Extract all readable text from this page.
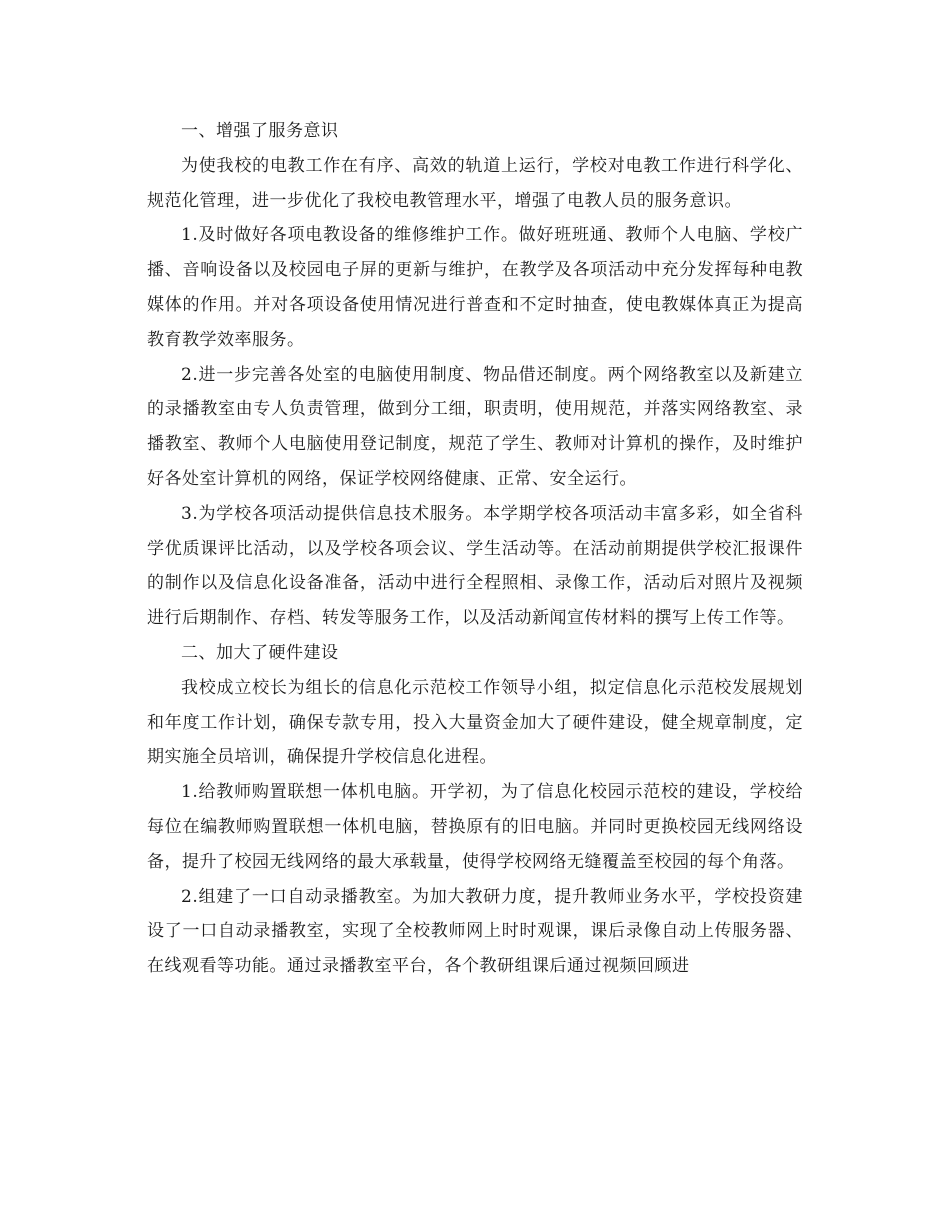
一、增强了服务意识

为使我校的电教工作在有序、高效的轨道上运行，学校对电教工作进行科学化、规范化管理，进一步优化了我校电教管理水平，增强了电教人员的服务意识。

1.及时做好各项电教设备的维修维护工作。做好班班通、教师个人电脑、学校广播、音响设备以及校园电子屏的更新与维护，在教学及各项活动中充分发挥每种电教媒体的作用。并对各项设备使用情况进行普查和不定时抽查，使电教媒体真正为提高教育教学效率服务。

2.进一步完善各处室的电脑使用制度、物品借还制度。两个网络教室以及新建立的录播教室由专人负责管理，做到分工细，职责明，使用规范，并落实网络教室、录播教室、教师个人电脑使用登记制度，规范了学生、教师对计算机的操作，及时维护好各处室计算机的网络，保证学校网络健康、正常、安全运行。

3.为学校各项活动提供信息技术服务。本学期学校各项活动丰富多彩，如全省科学优质课评比活动，以及学校各项会议、学生活动等。在活动前期提供学校汇报课件的制作以及信息化设备准备，活动中进行全程照相、录像工作，活动后对照片及视频进行后期制作、存档、转发等服务工作，以及活动新闻宣传材料的撰写上传工作等。

二、加大了硬件建设

我校成立校长为组长的信息化示范校工作领导小组，拟定信息化示范校发展规划和年度工作计划，确保专款专用，投入大量资金加大了硬件建设，健全规章制度，定期实施全员培训，确保提升学校信息化进程。

1.给教师购置联想一体机电脑。开学初，为了信息化校园示范校的建设，学校给每位在编教师购置联想一体机电脑，替换原有的旧电脑。并同时更换校园无线网络设备，提升了校园无线网络的最大承载量，使得学校网络无缝覆盖至校园的每个角落。

2.组建了一口自动录播教室。为加大教研力度，提升教师业务水平，学校投资建设了一口自动录播教室，实现了全校教师网上时时观课，课后录像自动上传服务器、在线观看等功能。通过录播教室平台，各个教研组课后通过视频回顾进
